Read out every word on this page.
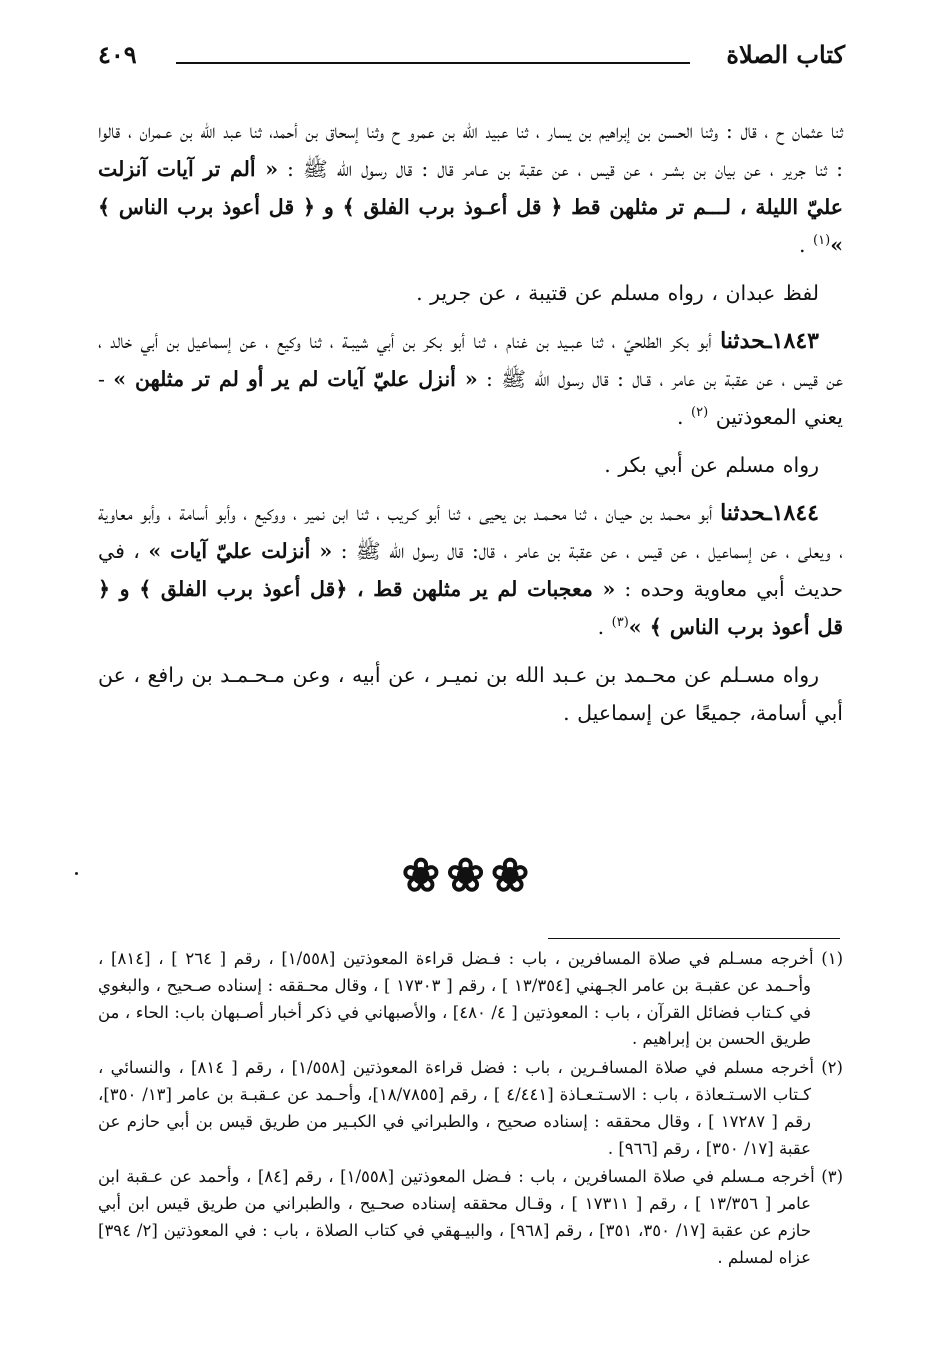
كتاب الصلاة
٤٠٩

ثنا عثمان ح ، قال : وثنا الحسن بن إبراهيم بن يسار ، ثنا عبيد الله بن عمرو ح وثنا إسحاق بن أحمد، ثنا عبد الله بن عـمران ، قالوا : ثنا جرير ، عن بيان بن بشـر ، عن قيس ، عن عقبة بن عـامر قال : قال رسول الله ﷺ : « ألم تر آيات آنزلت عليّ الليلة ، لـــم تر مثلهن قط ﴿ قل أعـوذ برب الفلق ﴾ و ﴿ قل أعوذ برب الناس ﴾ »$^{(١)}$ .

لفظ عبدان ، رواه مسلم عن قتيبة ، عن جرير .

١٨٤٣ـحدثنا أبو بكر الطلحيّ ، ثنا عبـيد بن غنام ، ثنا أبو بكر بن أبي شيبـة ، ثنا وكيع ، عن إسماعيل بن أبي خالد ، عن قيس ، عن عقبة بن عامر ، قـال : قال رسول الله ﷺ : « أنزل عليّ آيات لم ير أو لم تر مثلهن » - يعني المعوذتين $^{(٢)}$ .

رواه مسلم عن أبي بكر .

١٨٤٤ـحدثنا أبو محـمد بن حيـان ، ثنا محـمـد بن يحيى ، ثنا أبو كـريب ، ثنا ابن نمير ، ووكيع ، وأبو أسامة ، وأبو معاوية ، ويعلى ، عن إسماعيل ، عن قيس ، عن عقبة بن عامر ، قال: قال رسول الله ﷺ : « أنزلت عليّ آيات » ، في حديث أبي معاوية وحده : « معجبات لم ير مثلهن قط ، ﴿قل أعوذ برب الفلق ﴾ و ﴿ قل أعوذ برب الناس ﴾ »$^{(٣)}$ .

رواه مسـلم عن محـمد بن عـبد الله بن نميـر ، عن أبيه ، وعن مـحـمـد بن رافع ، عن أبي أسامة، جميعًا عن إسماعيل .

❀❀❀

(١) أخرجه مسـلم في صلاة المسافرين ، باب : فـضل قراءة المعوذتين [١/٥٥٨] ، رقم [ ٢٦٤ ] ، [٨١٤] ، وأحـمد عن عقبـة بن عامر الجـهني [١٣/٣٥٤ ] ، رقم [ ١٧٣٠٣ ] ، وقال محـققه : إسناده صـحيح ، والبغوي في كـتاب فضائل القرآن ، باب : المعوذتين [ ٤/ ٤٨٠] ، والأصبهاني في ذكر أخبار أصـبهان باب: الحاء ، من طريق الحسن بن إبراهيم .

(٢) أخرجه مسلم في صلاة المسافـرين ، باب : فضل قراءة المعوذتين [١/٥٥٨] ، رقم [ ٨١٤] ، والنسائي ، كـتاب الاسـتـعاذة ، باب : الاسـتـعـاذة [٤/٤٤١ ] ، رقم [١٨/٧٨٥٥]، وأحـمد عن عـقبـة بن عامر [١٣/ ٣٥٠]، رقم [ ١٧٢٨٧ ] ، وقال محققه : إسناده صحيح ، والطبراني في الكبـير من طريق قيس بن أبي حازم عن عقبة [١٧/ ٣٥٠] ، رقم [٩٦٦] .

(٣) أخرجه مـسلم في صلاة المسافرين ، باب : فـضل المعوذتين [١/٥٥٨] ، رقم [٨٤] ، وأحمد عن عـقبة ابن عامر [ ١٣/٣٥٦ ] ، رقم [ ١٧٣١١ ] ، وقـال محققه إسناده صحـيح ، والطبراني من طريق قيس ابن أبي حازم عن عقبة [١٧/ ٣٥٠، ٣٥١] ، رقم [٩٦٨] ، والبيـهقي في كتاب الصلاة ، باب : في المعوذتين [٢/ ٣٩٤] عزاه لمسلم .
